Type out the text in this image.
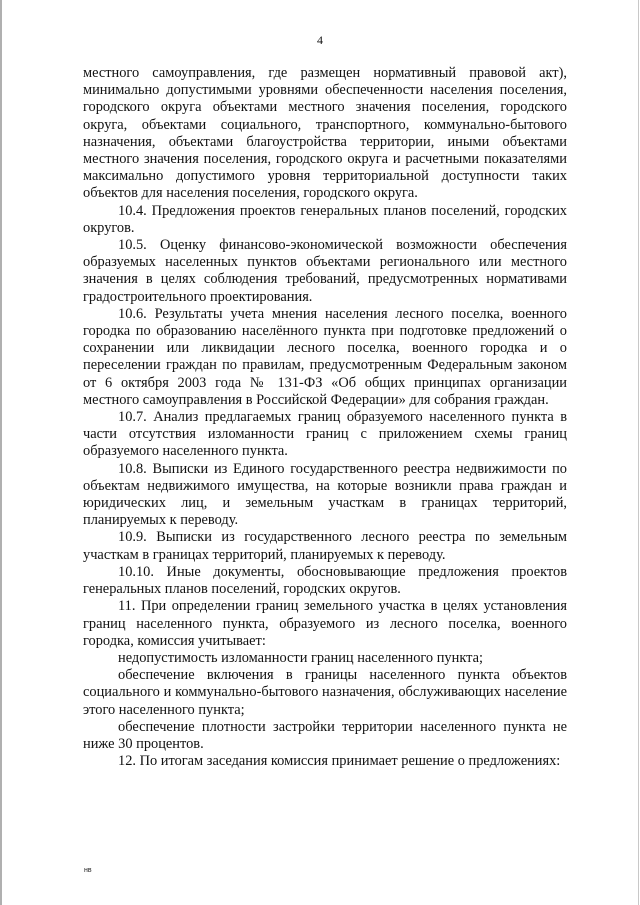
4

местного самоуправления, где размещен нормативный правовой акт), минимально допустимыми уровнями обеспеченности населения поселения, городского округа объектами местного значения поселения, городского округа, объектами социального, транспортного, коммунально-бытового назначения, объектами благоустройства территории, иными объектами местного значения поселения, городского округа и расчетными показателями максимально допустимого уровня территориальной доступности таких объектов для населения поселения, городского округа.

10.4. Предложения проектов генеральных планов поселений, городских округов.

10.5. Оценку финансово-экономической возможности обеспечения образуемых населенных пунктов объектами регионального или местного значения в целях соблюдения требований, предусмотренных нормативами градостроительного проектирования.

10.6. Результаты учета мнения населения лесного поселка, военного городка по образованию населённого пункта при подготовке предложений о сохранении или ликвидации лесного поселка, военного городка и о переселении граждан по правилам, предусмотренным Федеральным законом от 6 октября 2003 года № 131-ФЗ «Об общих принципах организации местного самоуправления в Российской Федерации» для собрания граждан.

10.7. Анализ предлагаемых границ образуемого населенного пункта в части отсутствия изломанности границ с приложением схемы границ образуемого населенного пункта.

10.8. Выписки из Единого государственного реестра недвижимости по объектам недвижимого имущества, на которые возникли права граждан и юридических лиц, и земельным участкам в границах территорий, планируемых к переводу.

10.9. Выписки из государственного лесного реестра по земельным участкам в границах территорий, планируемых к переводу.

10.10. Иные документы, обосновывающие предложения проектов генеральных планов поселений, городских округов.

11. При определении границ земельного участка в целях установления границ населенного пункта, образуемого из лесного поселка, военного городка, комиссия учитывает:

недопустимость изломанности границ населенного пункта;

обеспечение включения в границы населенного пункта объектов социального и коммунально-бытового назначения, обслуживающих население этого населенного пункта;

обеспечение плотности застройки территории населенного пункта не ниже 30 процентов.

12. По итогам заседания комиссия принимает решение о предложениях:

нв
